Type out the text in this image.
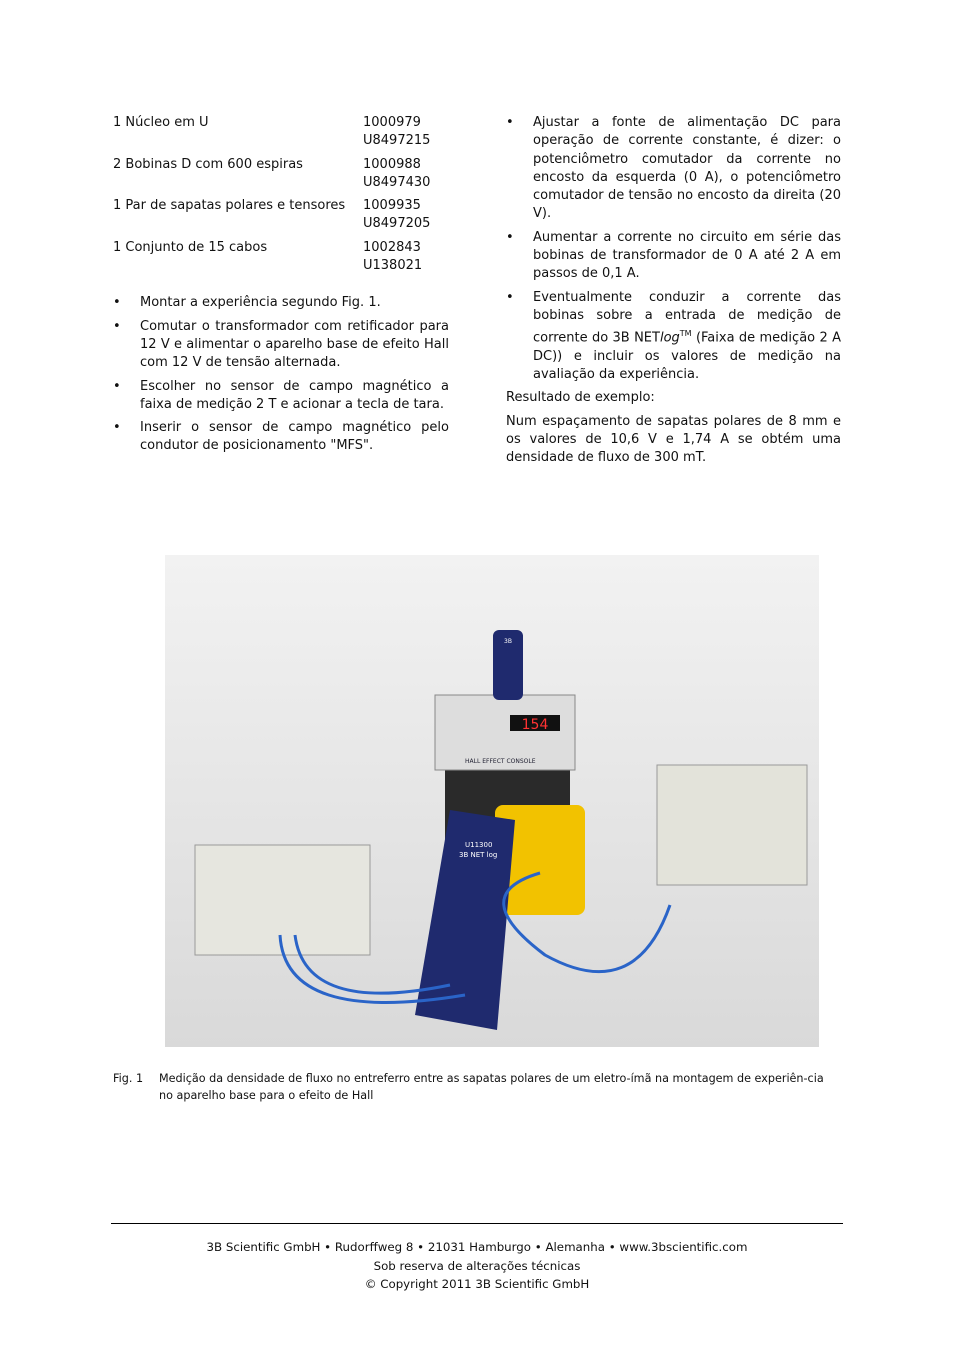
1 Núcleo em U	1000979
U8497215
2 Bobinas D com 600 espiras	1000988
U8497430
1 Par de sapatas polares e tensores	1009935
U8497205
1 Conjunto de 15 cabos	1002843
U138021
• Montar a experiência segundo Fig. 1.
• Comutar o transformador com retificador para 12 V e alimentar o aparelho base de efeito Hall com 12 V de tensão alternada.
• Escolher no sensor de campo magnético a faixa de medição 2 T e acionar a tecla de tara.
• Inserir o sensor de campo magnético pelo condutor de posicionamento "MFS".
• Ajustar a fonte de alimentação DC para operação de corrente constante, é dizer: o potenciômetro comutador da corrente no encosto da esquerda (0 A), o potenciômetro comutador de tensão no encosto da direita (20 V).
• Aumentar a corrente no circuito em série das bobinas de transformador de 0 A até 2 A em passos de 0,1 A.
• Eventualmente conduzir a corrente das bobinas sobre a entrada de medição de corrente do 3B NETlog™ (Faixa de medição 2 A DC)) e incluir os valores de medição na avaliação da experiência.

Resultado de exemplo:

Num espaçamento de sapatas polares de 8 mm e os valores de 10,6 V e 1,74 A se obtém uma densidade de fluxo de 300 mT.

HALL EFFECT CONSOLE
154
3B
U11300
3B NET log
Fig. 1	Medição da densidade de fluxo no entreferro entre as sapatas polares de um eletro-ímã na montagem de experiên-cia no aparelho base para o efeito de Hall
3B Scientific GmbH • Rudorffweg 8 • 21031 Hamburgo • Alemanha • www.3bscientific.com
Sob reserva de alterações técnicas
© Copyright 2011 3B Scientific GmbH
